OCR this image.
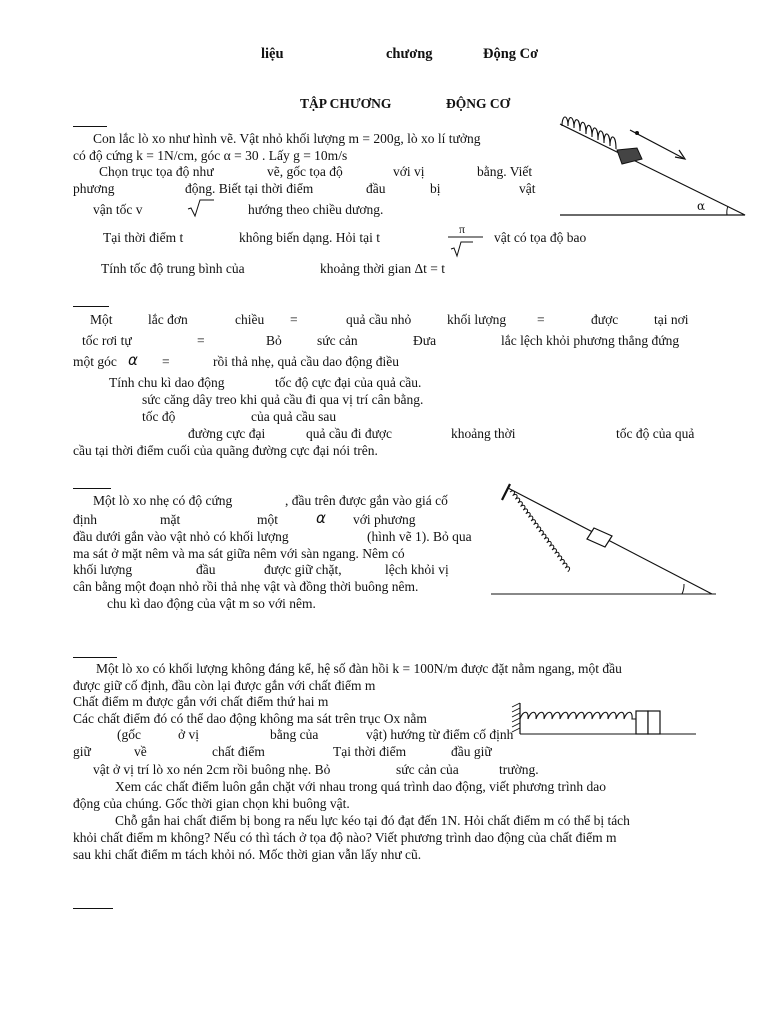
liệu	chương	Động Cơ
TẬP CHƯƠNG	ĐỘNG CƠ
Con lắc lò xo như hình vẽ. Vật nhỏ khối lượng m = 200g, lò xo lí tưởng
có độ cứng k = 1N/cm, góc α = 30 . Lấy g = 10m/s
Chọn trục tọa độ như	vẽ, gốc tọa độ	với vị	bằng. Viết
phương	động. Biết tại thời điểm	đầu	bị	vật
vận tốc v	hướng theo chiều dương.
Tại thời điểm t	không biến dạng. Hỏi tại t
π
vật có tọa độ bao
Tính tốc độ trung bình của	khoảng thời gian Δt = t
α
Một	lắc đơn	chiều =	quả cầu nhỏ	khối lượng =	được	tại nơi
tốc rơi tự	=	Bỏ	sức cản	Đưa	lắc lệch khỏi phương thẳng đứng
một góc α =	rồi thả nhẹ, quả cầu dao động điều
Tính chu kì dao động	tốc độ cực đại của quả cầu.
sức căng dây treo khi quả cầu đi qua vị trí cân bằng.
tốc độ	của quả cầu sau
đường cực đại	quả cầu đi được	khoảng thời	tốc độ của quả
cầu tại thời điểm cuối của quãng đường cực đại nói trên.
Một lò xo nhẹ có độ cứng	, đầu trên được gắn vào giá cố
định	mặt	một	α với phương
đầu dưới gắn vào vật nhỏ có khối lượng	(hình vẽ 1). Bỏ qua
ma sát ở mặt nêm và ma sát giữa nêm với sàn ngang. Nêm có
khối lượng	đầu	được giữ chặt,	lệch khỏi vị
cân bằng một đoạn nhỏ rồi thả nhẹ vật và đồng thời buông nêm.
chu kì dao động của vật m so với nêm.
Một lò xo có khối lượng không đáng kể, hệ số đàn hồi k = 100N/m được đặt nằm ngang, một đầu
được giữ cố định, đầu còn lại được gắn với chất điểm m
Chất điểm m được gắn với chất điểm thứ hai m
Các chất điểm đó có thể dao động không ma sát trên trục Ox nằm
(gốc	ở vị	bằng của	vật) hướng từ điểm cố định
giữ	về	chất điểm	Tại thời điểm	đầu giữ
vật ở vị trí lò xo nén 2cm rồi buông nhẹ. Bỏ	sức cản của	trường.
Xem các chất điểm luôn gắn chặt với nhau trong quá trình dao động, viết phương trình dao
động của chúng. Gốc thời gian chọn khi buông vật.
Chỗ gắn hai chất điểm bị bong ra nếu lực kéo tại đó đạt đến 1N. Hỏi chất điểm m có thể bị tách
khỏi chất điểm m không? Nếu có thì tách ở tọa độ nào? Viết phương trình dao động của chất điểm m
sau khi chất điểm m tách khỏi nó. Mốc thời gian vẫn lấy như cũ.
